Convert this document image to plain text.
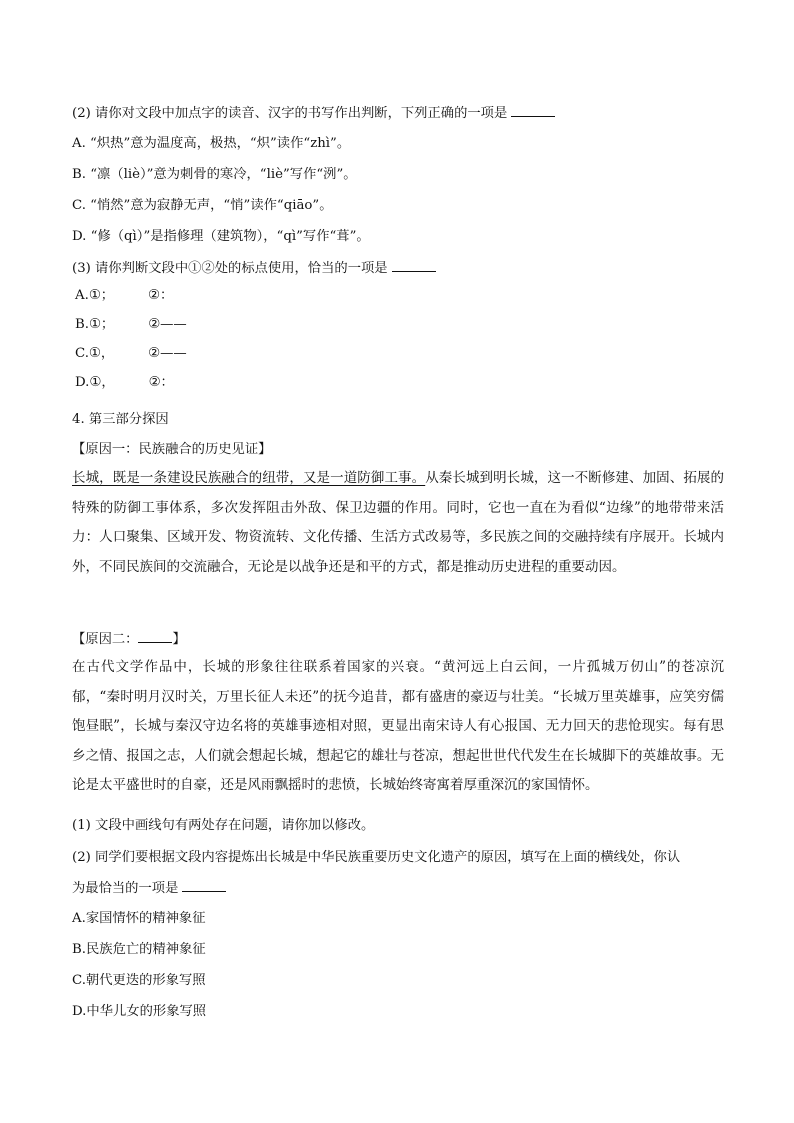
(2) 请你对文段中加点字的读音、汉字的书写作出判断，下列正确的一项是
A. “炽热”意为温度高，极热，“炽”读作“zhì”。
B. “凛（liè）”意为刺骨的寒冷，“liè”写作“洌”。
C. “悄然”意为寂静无声，“悄”读作“qiāo”。
D. “修（qì）”是指修理（建筑物），“qì”写作“葺”。
(3) 请你判断文段中①②处的标点使用，恰当的一项是
A.①；	②：
B.①；	②——
C.①，	②——
D.①，	②：
4. 第三部分探因
【原因一：民族融合的历史见证】
长城，既是一条建设民族融合的纽带，又是一道防御工事。从秦长城到明长城，这一不断修建、加固、拓展的特殊的防御工事体系，多次发挥阻击外敌、保卫边疆的作用。同时，它也一直在为看似“边缘”的地带带来活力：人口聚集、区域开发、物资流转、文化传播、生活方式改易等，多民族之间的交融持续有序展开。长城内外，不同民族间的交流融合，无论是以战争还是和平的方式，都是推动历史进程的重要动因。
【原因二：	】
在古代文学作品中，长城的形象往往联系着国家的兴衰。“黄河远上白云间，一片孤城万仞山”的苍凉沉郁，“秦时明月汉时关，万里长征人未还”的抚今追昔，都有盛唐的豪迈与壮美。“长城万里英雄事，应笑穷儒饱昼眠”，长城与秦汉守边名将的英雄事迹相对照，更显出南宋诗人有心报国、无力回天的悲怆现实。每有思乡之情、报国之志，人们就会想起长城，想起它的雄壮与苍凉，想起世世代代发生在长城脚下的英雄故事。无论是太平盛世时的自豪，还是风雨飘摇时的悲愤，长城始终寄寓着厚重深沉的家国情怀。
(1) 文段中画线句有两处存在问题，请你加以修改。
(2) 同学们要根据文段内容提炼出长城是中华民族重要历史文化遗产的原因，填写在上面的横线处，你认
为最恰当的一项是
A.家国情怀的精神象征
B.民族危亡的精神象征
C.朝代更迭的形象写照
D.中华儿女的形象写照
